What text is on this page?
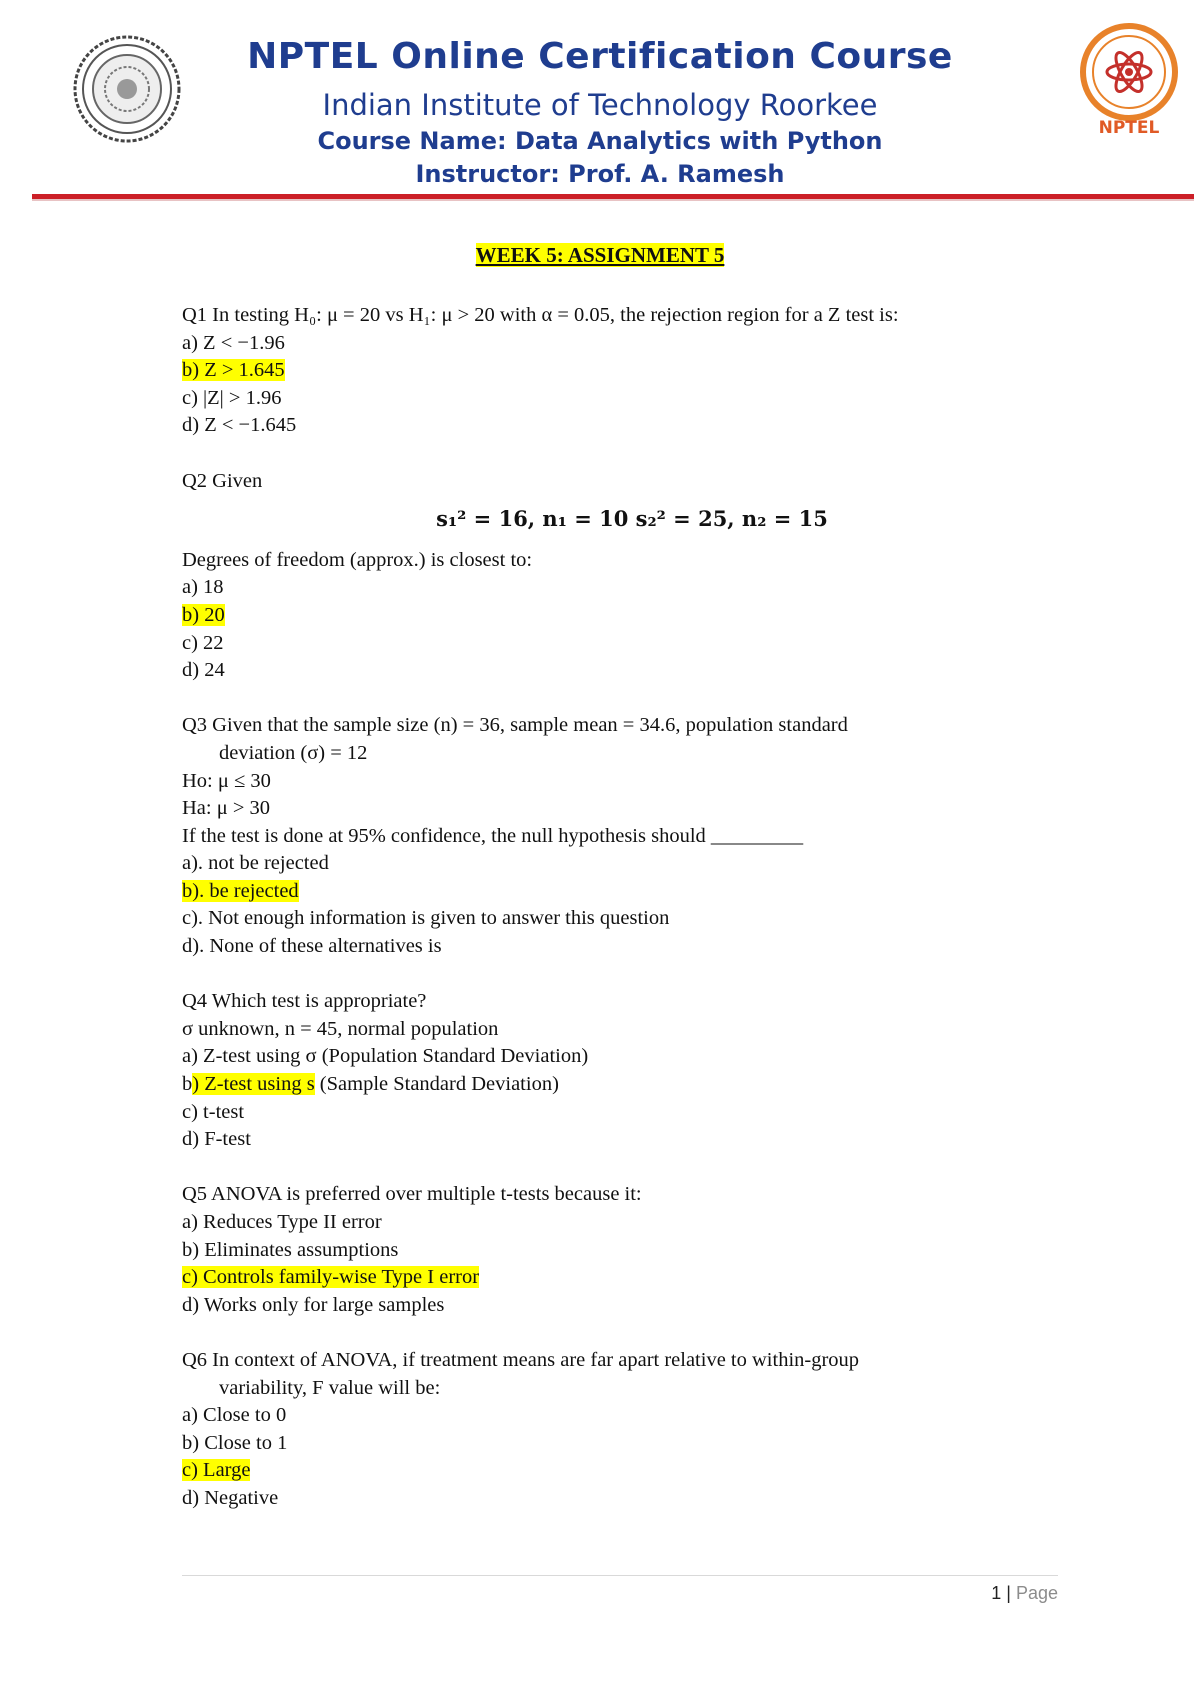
NPTEL
NPTEL Online Certification Course
Indian Institute of Technology Roorkee
Course Name: Data Analytics with Python
Instructor: Prof. A. Ramesh
WEEK 5: ASSIGNMENT 5
Q1 In testing H₀: μ = 20 vs H₁: μ > 20 with α = 0.05, the rejection region for a Z test is:
a) Z < −1.96
b) Z > 1.645
c) |Z| > 1.96
d) Z < −1.645
Q2 Given
s₁² = 16, n₁ = 10 s₂² = 25, n₂ = 15
Degrees of freedom (approx.) is closest to:
a) 18
b) 20
c) 22
d) 24
Q3 Given that the sample size (n) = 36, sample mean = 34.6, population standard
deviation (σ) = 12
Ho: μ ≤ 30
Ha: μ > 30
If the test is done at 95% confidence, the null hypothesis should _________
a). not be rejected
b). be rejected
c). Not enough information is given to answer this question
d). None of these alternatives is
Q4 Which test is appropriate?
σ unknown, n = 45, normal population
a) Z-test using σ (Population Standard Deviation)
b) Z-test using s (Sample Standard Deviation)
c) t-test
d) F-test
Q5 ANOVA is preferred over multiple t-tests because it:
a) Reduces Type II error
b) Eliminates assumptions
c) Controls family-wise Type I error
d) Works only for large samples
Q6 In context of ANOVA, if treatment means are far apart relative to within-group
variability, F value will be:
a) Close to 0
b) Close to 1
c) Large
d) Negative
1 | Page
